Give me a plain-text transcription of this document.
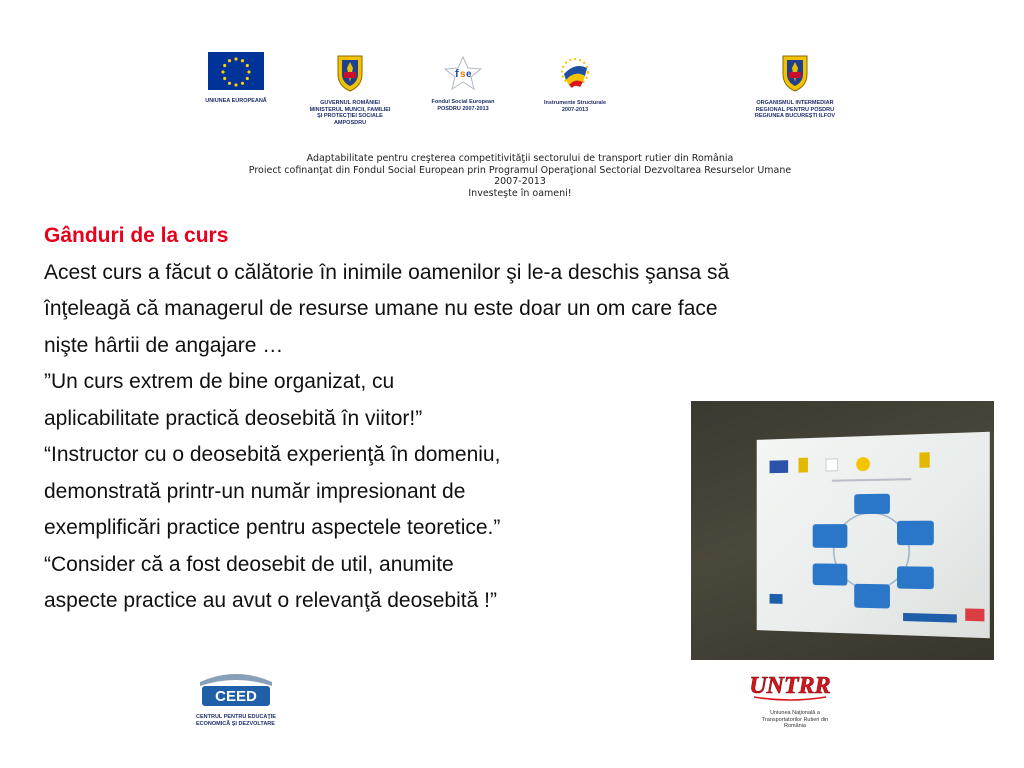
UNIUNEA EUROPEANĂ	GUVERNUL ROMÂNIEI
MINISTERUL MUNCII, FAMILIEI
ŞI PROTECŢIEI SOCIALE
AMPOSDRU
f s e
Fondul Social European
POSDRU 2007-2013
Instrumente Structurale
2007-2013
ORGANISMUL INTERMEDIAR
REGIONAL PENTRU POSDRU
REGIUNEA BUCUREŞTI ILFOV
Adaptabilitate pentru creşterea competitivităţii sectorului de transport rutier din România
Proiect cofinanţat din Fondul Social European prin Programul Operaţional Sectorial Dezvoltarea Resurselor Umane
2007-2013
Investeşte în oameni!
Gânduri de la curs
Acest curs a făcut o călătorie în inimile oamenilor şi le-a deschis şansa să
înţeleagă că managerul de resurse umane nu este doar un om care face
nişte hârtii de angajare …
”Un curs extrem de bine organizat, cu
aplicabilitate practică deosebită în viitor!”
“Instructor cu o deosebită experienţă în domeniu,
demonstrată printr-un număr impresionant de
exemplificări practice pentru aspectele teoretice.”
“Consider că a fost deosebit de util, anumite
aspecte practice au avut o relevanţă deosebită !”
CEED
CENTRUL PENTRU EDUCAŢIE
ECONOMICĂ ŞI DEZVOLTARE
UNTRR
Uniunea Naţională a
Transportatorilor Rutieri din
România
